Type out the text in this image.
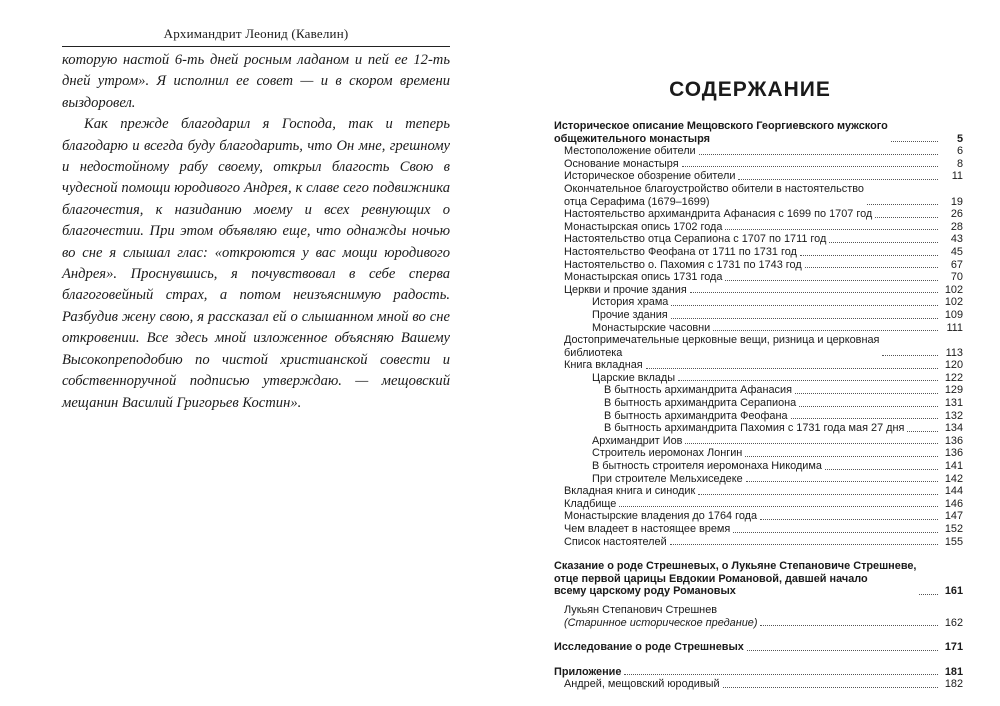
Архимандрит Леонид (Кавелин)

которую настой 6-ть дней росным ладаном и пей ее 12-ть дней утром». Я исполнил ее совет — и в скором времени выздоровел.

Как прежде благодарил я Господа, так и теперь благодарю и всегда буду благодарить, что Он мне, грешному и недостойному рабу своему, открыл благость Свою в чудесной помощи юродивого Андрея, к славе сего подвижника благочестия, к назиданию моему и всех ревнующих о благочестии. При этом объявляю еще, что однажды ночью во сне я слышал глас: «откроются у вас мощи юродивого Андрея». Проснувшись, я почувствовал в себе сперва благоговейный страх, а потом неизъяснимую радость. Разбудив жену свою, я рассказал ей о слышанном мной во сне откровении. Все здесь мной изложенное объясняю Вашему Высокопреподобию по чистой христианской совести и собственноручной подписью утверждаю. — мещовский мещанин Василий Григорьев Костин».

СОДЕРЖАНИЕ
Историческое описание Мещовского Георгиевского мужского
общежительного монастыря	5
Местоположение обители	6
Основание монастыря	8
Историческое обозрение обители	11
Окончательное благоустройство обители в настоятельство
отца Серафима (1679–1699)	19
Настоятельство архимандрита Афанасия с 1699 по 1707 год	26
Монастырская опись 1702 года	28
Настоятельство отца Серапиона с 1707 по 1711 год	43
Настоятельство Феофана от 1711 по 1731 год	45
Настоятельство о. Пахомия с 1731 по 1743 год	67
Монастырская опись 1731 года	70
Церкви и прочие здания	102
История храма	102
Прочие здания	109
Монастырские часовни	111
Достопримечательные церковные вещи, ризница и церковная
библиотека	113
Книга вкладная	120
Царские вклады	122
В бытность архимандрита Афанасия	129
В бытность архимандрита Серапиона	131
В бытность архимандрита Феофана	132
В бытность архимандрита Пахомия с 1731 года мая 27 дня	134
Архимандрит Иов	136
Строитель иеромонах Лонгин	136
В бытность строителя иеромонаха Никодима	141
При строителе Мельхиседеке	142
Вкладная книга и синодик	144
Кладбище	146
Монастырские владения до 1764 года	147
Чем владеет в настоящее время	152
Список настоятелей	155
Сказание о роде Стрешневых, о Лукьяне Степановиче Стрешневе,
отце первой царицы Евдокии Романовой, давшей начало
всему царскому роду Романовых	161
Лукьян Степанович Стрешнев
(Старинное историческое предание)	162
Исследование о роде Стрешневых	171
Приложение	181
Андрей, мещовский юродивый	182
